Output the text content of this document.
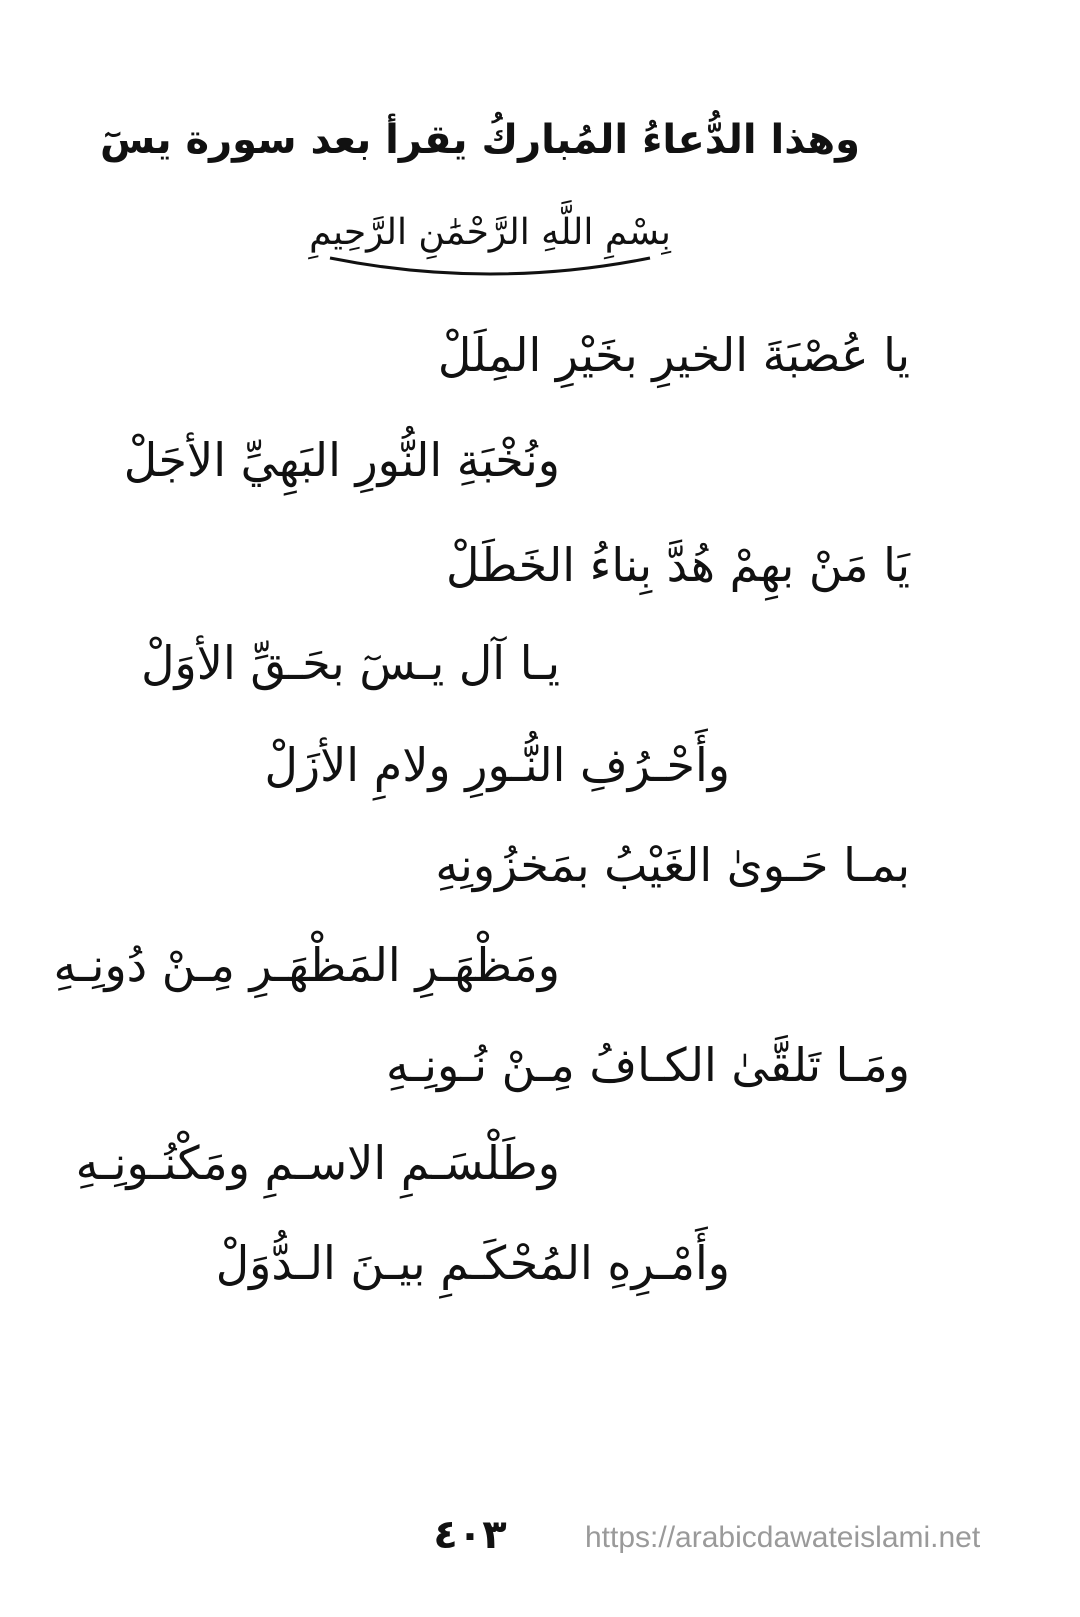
وهذا الدُّعاءُ المُباركُ يقرأ بعد سورة يسٓ
بِسْمِ اللَّهِ الرَّحْمَٰنِ الرَّحِيمِ
يا عُصْبَةَ الخيرِ بخَيْرِ المِلَلْ
ونُخْبَةِ النُّورِ البَهِيِّ الأجَلْ
يَا مَنْ بهِمْ هُدَّ بِناءُ الخَطَلْ
يـا آل يـسٓ بحَـقِّ الأوَلْ
وأَحْـرُفِ النُّـورِ ولامِ الأزَلْ
بمـا حَـوىٰ الغَيْبُ بمَخزُونِهِ
ومَظْهَـرِ المَظْهَـرِ مِـنْ دُونِـهِ
ومَـا تَلقَّىٰ الكـافُ مِـنْ نُـونِـهِ
وطَلْسَـمِ الاسـمِ ومَكْنُـونِـهِ
وأَمْـرِهِ المُحْكَـمِ بيـنَ الـدُّوَلْ
٤٠٣	https://arabicdawateislami.net
